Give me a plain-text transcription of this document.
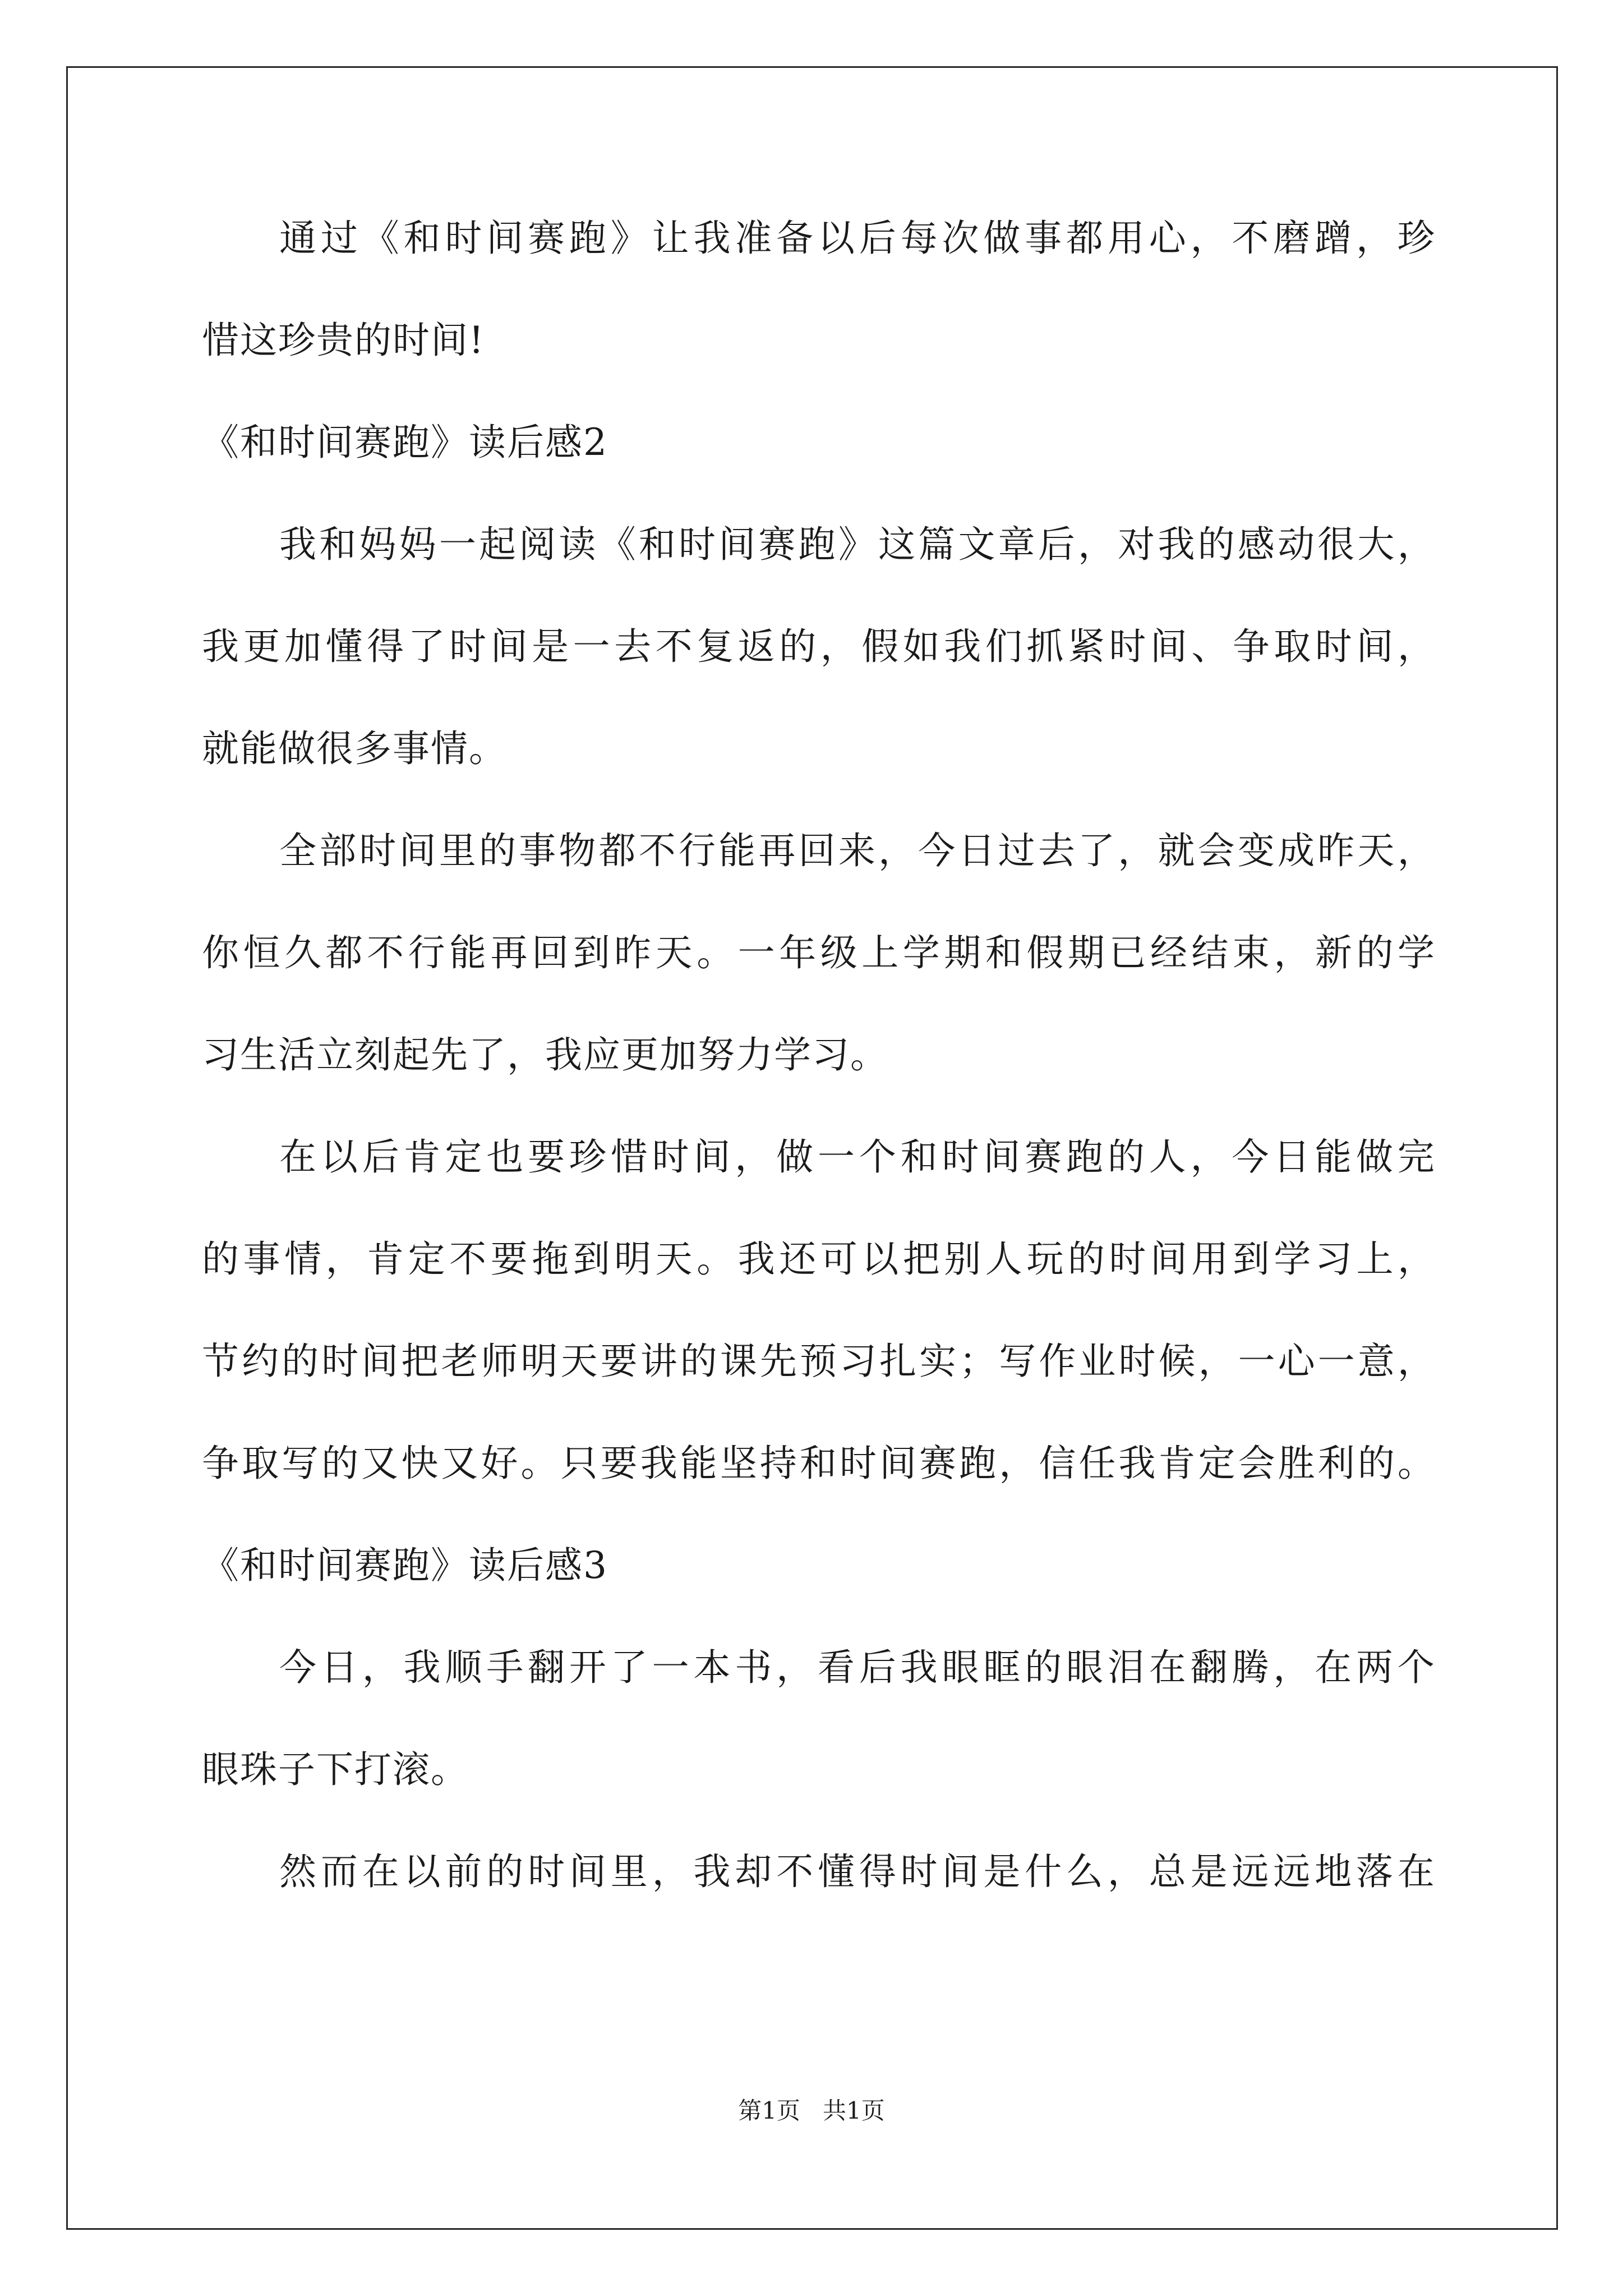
通 过 《 和 时 间 赛 跑 》 让 我 准 备 以 后 每 次 做 事 都 用 心 ， 不 磨 蹭 ， 珍
惜这珍贵的时间!
《和时间赛跑》读后感2
我 和 妈 妈 一 起 阅 读 《 和 时 间 赛 跑 》 这 篇 文 章 后 ， 对 我 的 感 动 很 大 ，
我 更 加 懂 得 了 时 间 是 一 去 不 复 返 的 ， 假 如 我 们 抓 紧 时 间 、 争 取 时 间 ，
就能做很多事情。
全 部 时 间 里 的 事 物 都 不 行 能 再 回 来 ， 今 日 过 去 了 ， 就 会 变 成 昨 天 ，
你 恒 久 都 不 行 能 再 回 到 昨 天 。 一 年 级 上 学 期 和 假 期 已 经 结 束 ， 新 的 学
习生活立刻起先了，我应更加努力学习。
在 以 后 肯 定 也 要 珍 惜 时 间 ， 做 一 个 和 时 间 赛 跑 的 人 ， 今 日 能 做 完
的 事 情 ， 肯 定 不 要 拖 到 明 天 。 我 还 可 以 把 别 人 玩 的 时 间 用 到 学 习 上 ，
节 约 的 时 间 把 老 师 明 天 要 讲 的 课 先 预 习 扎 实 ； 写 作 业 时 候 ， 一 心 一 意 ，
争 取 写 的 又 快 又 好 。 只 要 我 能 坚 持 和 时 间 赛 跑 ， 信 任 我 肯 定 会 胜 利 的 。
《和时间赛跑》读后感3
今 日 ， 我 顺 手 翻 开 了 一 本 书 ， 看 后 我 眼 眶 的 眼 泪 在 翻 腾 ， 在 两 个
眼珠子下打滚。
然 而 在 以 前 的 时 间 里 ， 我 却 不 懂 得 时 间 是 什 么 ， 总 是 远 远 地 落 在
第1页   共1页
